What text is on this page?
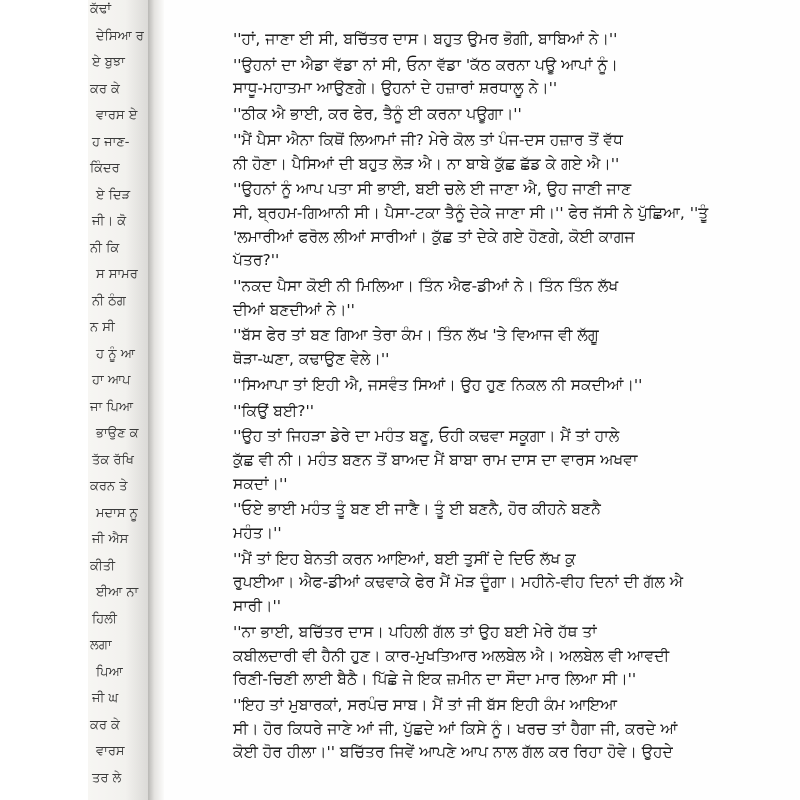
ਕੱਢਾਂ
ਦੇਸਿਆ ਰ
ਏ ਬੁਝਾ
ਕਰ ਕੇ
ਵਾਰਸ ਏ
ਹ ਜਾਣ-
ਕਿੰਦਰ
ਏ ਦਿੜ
ਜੀ। ਕੋ
ਨੀ ਕਿ
ਸ ਸਾਮਰ
ਨੀ ਠੰਗ
ਨ ਸੀ
ਹ ਨੂੰ ਆ
ਹਾ ਆਪ
ਜਾ ਪਿਆ
ਭਾਉਣ ਕ
ਤੱਕ ਰੱਖਿ
ਕਰਨ ਤੇ
ਮਦਾਸ ਨੂ
ਜੀ ਐਸ
ਕੀਤੀ
ਈਆ ਨਾ
ਹਿਲੀ
ਲਗਾ
ਪਿਆ
ਜੀ ਘ
ਕਰ ਕੇ
ਵਾਰਸ
ਤਰ ਲੇ

''ਹਾਂ, ਜਾਣਾ ਈ ਸੀ, ਬਚਿੱਤਰ ਦਾਸ। ਬਹੁਤ ਉਮਰ ਭੋਗੀ, ਬਾਬਿਆਂ ਨੇ।''

''ਉਹਨਾਂ ਦਾ ਐਡਾ ਵੱਡਾ ਨਾਂ ਸੀ, ਓਨਾ ਵੱਡਾ 'ਕੱਠ ਕਰਨਾ ਪਊ ਆਪਾਂ ਨੂੰ।
ਸਾਧੂ-ਮਹਾਤਮਾ ਆਉਣਗੇ। ਉਹਨਾਂ ਦੇ ਹਜ਼ਾਰਾਂ ਸ਼ਰਧਾਲੂ ਨੇ।''

''ਠੀਕ ਐ ਭਾਈ, ਕਰ ਫੇਰ, ਤੈਨੂੰ ਈ ਕਰਨਾ ਪਊਗਾ।''

''ਮੈਂ ਪੈਸਾ ਐਨਾ ਕਿਥੋਂ ਲਿਆਮਾਂ ਜੀ? ਮੇਰੇ ਕੋਲ ਤਾਂ ਪੰਜ-ਦਸ ਹਜ਼ਾਰ ਤੋਂ ਵੱਧ
ਨੀ ਹੋਣਾ। ਪੈਸਿਆਂ ਦੀ ਬਹੁਤ ਲੋੜ ਐ। ਨਾ ਬਾਬੇ ਕੁੱਛ ਛੱਡ ਕੇ ਗਏ ਐ।''

''ਉਹਨਾਂ ਨੂੰ ਆਪ ਪਤਾ ਸੀ ਭਾਈ, ਬਈ ਚਲੇ ਈ ਜਾਣਾ ਐ, ਉਹ ਜਾਣੀ ਜਾਣ
ਸੀ, ਬ੍ਰਹਮ-ਗਿਆਨੀ ਸੀ। ਪੈਸਾ-ਟਕਾ ਤੈਨੂੰ ਦੇਕੇ ਜਾਣਾ ਸੀ।'' ਫੇਰ ਜੱਸੀ ਨੇ ਪੁੱਛਿਆ, ''ਤੂੰ
'ਲਮਾਰੀਆਂ ਫਰੋਲ ਲੀਆਂ ਸਾਰੀਆਂ। ਕੁੱਛ ਤਾਂ ਦੇਕੇ ਗਏ ਹੋਣਗੇ, ਕੋਈ ਕਾਗਜ
ਪੱਤਰ?''

''ਨਕਦ ਪੈਸਾ ਕੋਈ ਨੀ ਮਿਲਿਆ। ਤਿੰਨ ਐਫ-ਡੀਆਂ ਨੇ। ਤਿੰਨ ਤਿੰਨ ਲੱਖ
ਦੀਆਂ ਬਣਦੀਆਂ ਨੇ।''

''ਬੱਸ ਫੇਰ ਤਾਂ ਬਣ ਗਿਆ ਤੇਰਾ ਕੰਮ। ਤਿੰਨ ਲੱਖ 'ਤੇ ਵਿਆਜ ਵੀ ਲੱਗੂ
ਥੋੜਾ-ਘਣਾ, ਕਢਾਉਣ ਵੇਲੇ।''

''ਸਿਆਪਾ ਤਾਂ ਇਹੀ ਐ, ਜਸਵੰਤ ਸਿਆਂ। ਉਹ ਹੁਣ ਨਿਕਲ ਨੀ ਸਕਦੀਆਂ।''

''ਕਿਉਂ ਬਈ?''

''ਉਹ ਤਾਂ ਜਿਹੜਾ ਡੇਰੇ ਦਾ ਮਹੰਤ ਬਣੂ, ਓਹੀ ਕਢਵਾ ਸਕੂਗਾ। ਮੈਂ ਤਾਂ ਹਾਲੇ
ਕੁੱਛ ਵੀ ਨੀ। ਮਹੰਤ ਬਣਨ ਤੋਂ ਬਾਅਦ ਮੈਂ ਬਾਬਾ ਰਾਮ ਦਾਸ ਦਾ ਵਾਰਸ ਅਖਵਾ
ਸਕਦਾਂ।''

''ਓਏ ਭਾਈ ਮਹੰਤ ਤੂੰ ਬਣ ਈ ਜਾਣੈ। ਤੂੰ ਈ ਬਣਨੈ, ਹੋਰ ਕੀਹਨੇ ਬਣਨੈ
ਮਹੰਤ।''

''ਮੈਂ ਤਾਂ ਇਹ ਬੇਨਤੀ ਕਰਨ ਆਇਆਂ, ਬਈ ਤੁਸੀਂ ਦੇ ਦਿਓ ਲੱਖ ਕੁ
ਰੁਪਈਆ। ਐਫ-ਡੀਆਂ ਕਢਵਾਕੇ ਫੇਰ ਮੈਂ ਮੋੜ ਦੂੰਗਾ। ਮਹੀਨੇ-ਵੀਹ ਦਿਨਾਂ ਦੀ ਗੱਲ ਐ
ਸਾਰੀ।''

''ਨਾ ਭਾਈ, ਬਚਿੱਤਰ ਦਾਸ। ਪਹਿਲੀ ਗੱਲ ਤਾਂ ਉਹ ਬਈ ਮੇਰੇ ਹੱਥ ਤਾਂ
ਕਬੀਲਦਾਰੀ ਵੀ ਹੈਨੀ ਹੁਣ। ਕਾਰ-ਮੁਖਤਿਆਰ ਅਲਬੇਲ ਐ। ਅਲਬੇਲ ਵੀ ਆਵਦੀ
ਰਿਣੀ-ਚਿਣੀ ਲਾਈ ਬੈਠੈ। ਪਿੱਛੇ ਜੇ ਇਕ ਜ਼ਮੀਨ ਦਾ ਸੌਦਾ ਮਾਰ ਲਿਆ ਸੀ।''

''ਇਹ ਤਾਂ ਮੁਬਾਰਕਾਂ, ਸਰਪੰਚ ਸਾਬ। ਮੈਂ ਤਾਂ ਜੀ ਬੱਸ ਇਹੀ ਕੰਮ ਆਇਆ
ਸੀ। ਹੋਰ ਕਿਧਰੇ ਜਾਣੇ ਆਂ ਜੀ, ਪੁੱਛਦੇ ਆਂ ਕਿਸੇ ਨੂੰ। ਖਰਚ ਤਾਂ ਹੈਗਾ ਜੀ, ਕਰਦੇ ਆਂ
ਕੋਈ ਹੋਰ ਹੀਲਾ।'' ਬਚਿੱਤਰ ਜਿਵੇਂ ਆਪਣੇ ਆਪ ਨਾਲ ਗੱਲ ਕਰ ਰਿਹਾ ਹੋਵੇ। ਉਹਦੇ
